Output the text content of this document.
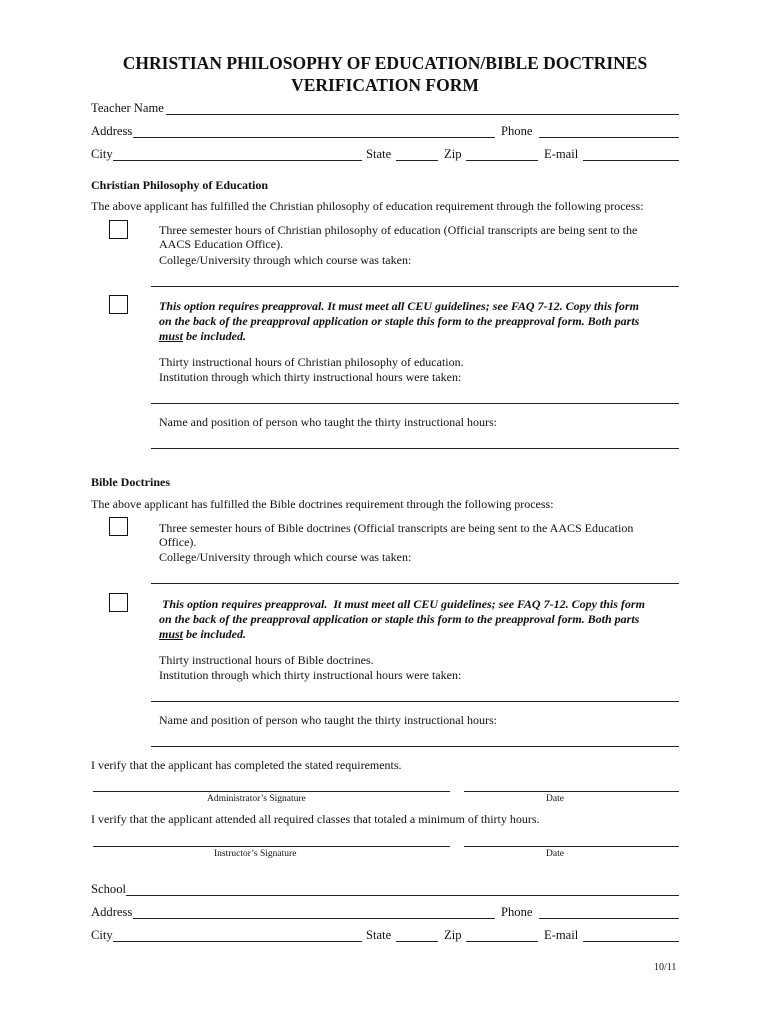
CHRISTIAN PHILOSOPHY OF EDUCATION/BIBLE DOCTRINES
VERIFICATION FORM
Teacher Name
Address	Phone
City	State	Zip	E-mail
Christian Philosophy of Education
The above applicant has fulfilled the Christian philosophy of education requirement through the following process:
Three semester hours of Christian philosophy of education (Official transcripts are being sent to the
AACS Education Office).
College/University through which course was taken:
This option requires preapproval. It must meet all CEU guidelines; see FAQ 7-12. Copy this form
on the back of the preapproval application or staple this form to the preapproval form. Both parts
must be included.
Thirty instructional hours of Christian philosophy of education.
Institution through which thirty instructional hours were taken:
Name and position of person who taught the thirty instructional hours:
Bible Doctrines
The above applicant has fulfilled the Bible doctrines requirement through the following process:
Three semester hours of Bible doctrines (Official transcripts are being sent to the AACS Education
Office).
College/University through which course was taken:
This option requires preapproval.  It must meet all CEU guidelines; see FAQ 7-12. Copy this form
on the back of the preapproval application or staple this form to the preapproval form. Both parts
must be included.
Thirty instructional hours of Bible doctrines.
Institution through which thirty instructional hours were taken:
Name and position of person who taught the thirty instructional hours:
I verify that the applicant has completed the stated requirements.
Administrator’s Signature	Date
I verify that the applicant attended all required classes that totaled a minimum of thirty hours.
Instructor’s Signature	Date
School
Address	Phone
City	State	Zip	E-mail
10/11
